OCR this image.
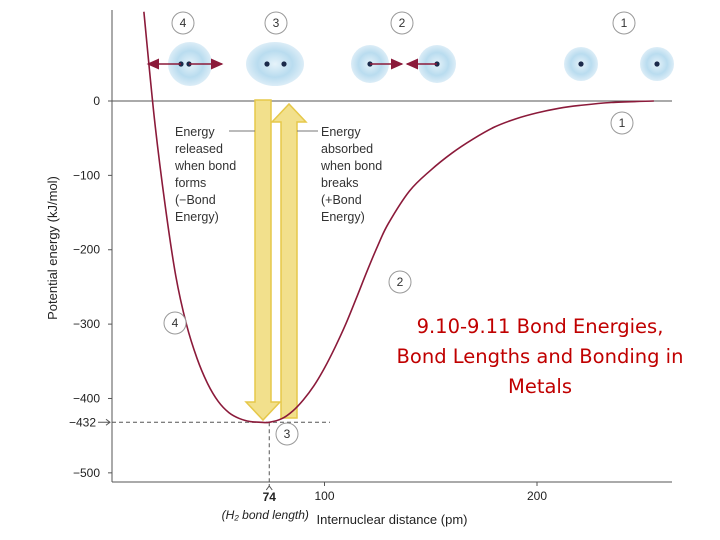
0
−100
−200
−300
−400
−500
100	200
Potential energy (kJ/mol)
Internuclear distance (pm)
−432
74
(H₂ bond length)
Energy
released
when bond
forms
(−Bond
Energy)
Energy
absorbed
when bond
breaks
(+Bond
Energy)
4	3	2	1
1
2
3
4	9.10-9.11 Bond Energies,
Bond Lengths and Bonding in
Metals
